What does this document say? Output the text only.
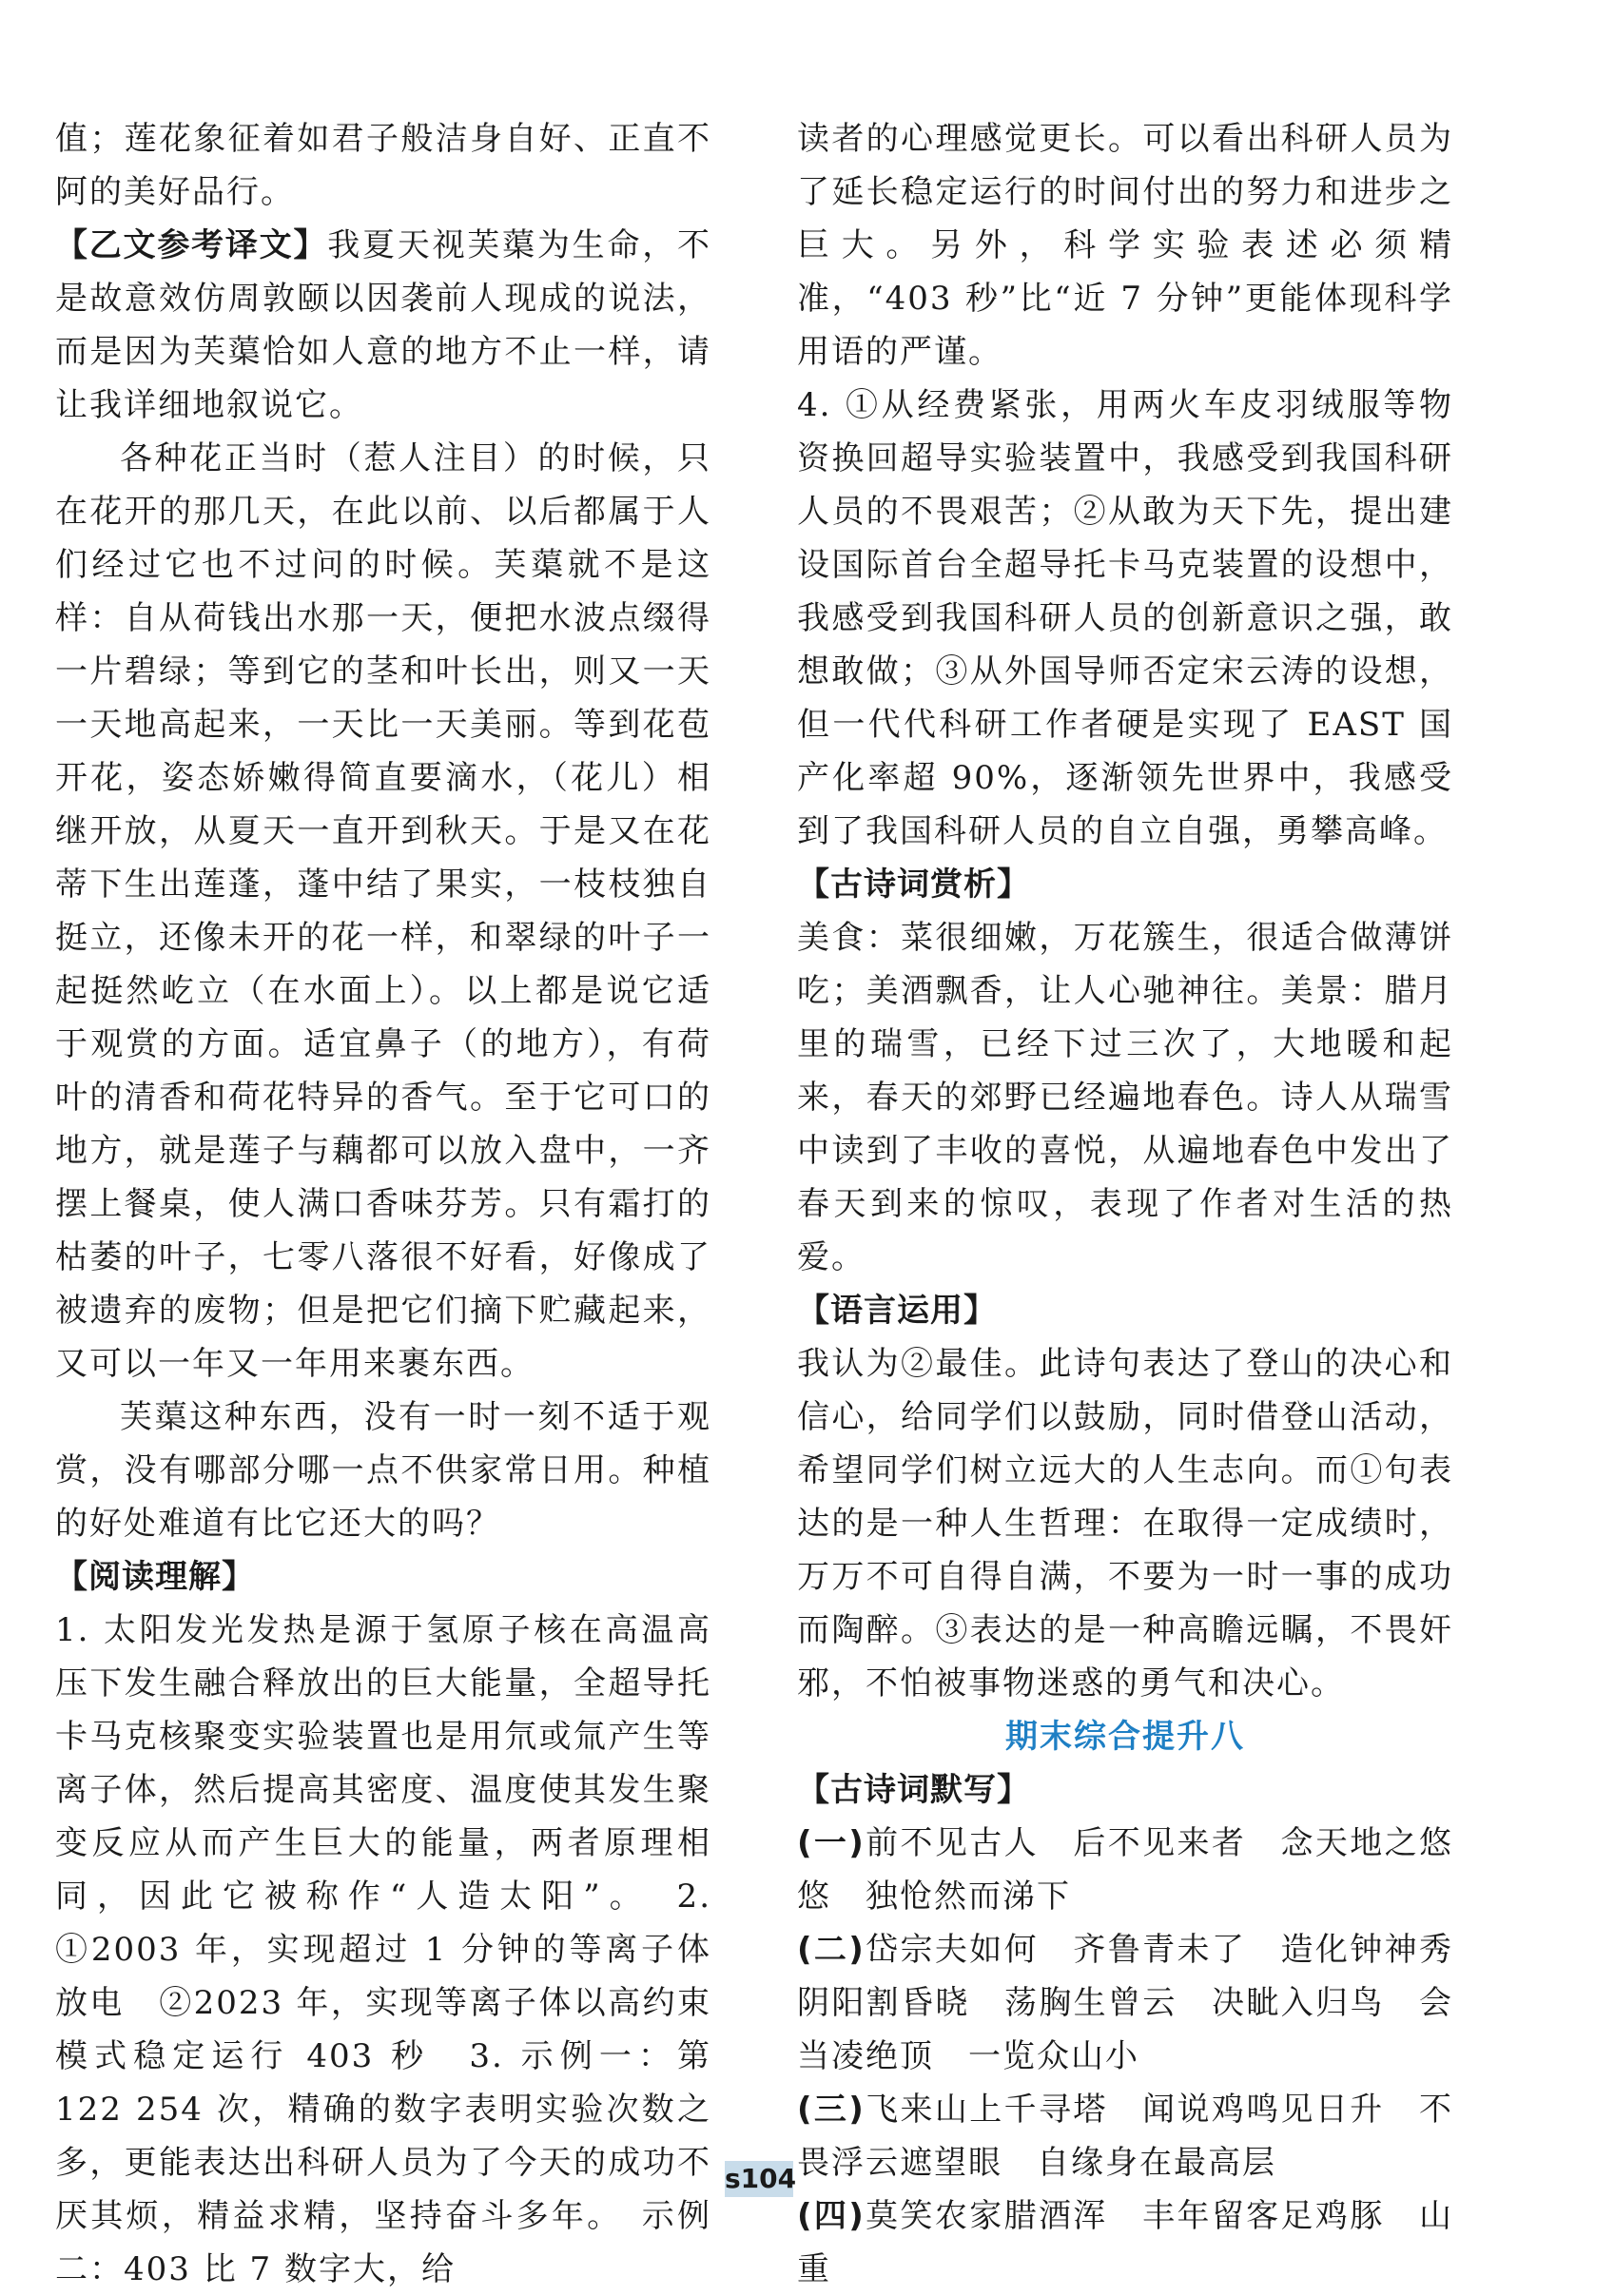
值；莲花象征着如君子般洁身自好、正直不阿的美好品行。

【乙文参考译文】我夏天视芙蕖为生命，不是故意效仿周敦颐以因袭前人现成的说法，而是因为芙蕖恰如人意的地方不止一样，请让我详细地叙说它。

各种花正当时（惹人注目）的时候，只在花开的那几天，在此以前、以后都属于人们经过它也不过问的时候。芙蕖就不是这样：自从荷钱出水那一天，便把水波点缀得一片碧绿；等到它的茎和叶长出，则又一天一天地高起来，一天比一天美丽。等到花苞开花，姿态娇嫩得简直要滴水，（花儿）相继开放，从夏天一直开到秋天。于是又在花蒂下生出莲蓬，蓬中结了果实，一枝枝独自挺立，还像未开的花一样，和翠绿的叶子一起挺然屹立（在水面上）。以上都是说它适于观赏的方面。适宜鼻子（的地方），有荷叶的清香和荷花特异的香气。至于它可口的地方，就是莲子与藕都可以放入盘中，一齐摆上餐桌，使人满口香味芬芳。只有霜打的枯萎的叶子，七零八落很不好看，好像成了被遗弃的废物；但是把它们摘下贮藏起来，又可以一年又一年用来裹东西。

芙蕖这种东西，没有一时一刻不适于观赏，没有哪部分哪一点不供家常日用。种植的好处难道有比它还大的吗？

【阅读理解】

1. 太阳发光发热是源于氢原子核在高温高压下发生融合释放出的巨大能量，全超导托卡马克核聚变实验装置也是用氘或氚产生等离子体，然后提高其密度、温度使其发生聚变反应从而产生巨大的能量，两者原理相同，因此它被称作“人造太阳”。　2. ①2003 年，实现超过 1 分钟的等离子体放电　②2023 年，实现等离子体以高约束模式稳定运行 403 秒　3. 示例一：第 122 254 次，精确的数字表明实验次数之多，更能表达出科研人员为了今天的成功不厌其烦，精益求精，坚持奋斗多年。　示例二：403 比 7 数字大，给

读者的心理感觉更长。可以看出科研人员为了延长稳定运行的时间付出的努力和进步之巨大。另外，科学实验表述必须精准，“403 秒”比“近 7 分钟”更能体现科学用语的严谨。

4. ①从经费紧张，用两火车皮羽绒服等物资换回超导实验装置中，我感受到我国科研人员的不畏艰苦；②从敢为天下先，提出建设国际首台全超导托卡马克装置的设想中，我感受到我国科研人员的创新意识之强，敢想敢做；③从外国导师否定宋云涛的设想，但一代代科研工作者硬是实现了 EAST 国产化率超 90%，逐渐领先世界中，我感受到了我国科研人员的自立自强，勇攀高峰。

【古诗词赏析】

美食：菜很细嫩，万花簇生，很适合做薄饼吃；美酒飘香，让人心驰神往。美景：腊月里的瑞雪，已经下过三次了，大地暖和起来，春天的郊野已经遍地春色。诗人从瑞雪中读到了丰收的喜悦，从遍地春色中发出了春天到来的惊叹，表现了作者对生活的热爱。

【语言运用】

我认为②最佳。此诗句表达了登山的决心和信心，给同学们以鼓励，同时借登山活动，希望同学们树立远大的人生志向。而①句表达的是一种人生哲理：在取得一定成绩时，万万不可自得自满，不要为一时一事的成功而陶醉。③表达的是一种高瞻远瞩，不畏奸邪，不怕被事物迷惑的勇气和决心。

期末综合提升八

【古诗词默写】

(一)前不见古人　后不见来者　念天地之悠悠　独怆然而涕下

(二)岱宗夫如何　齐鲁青未了　造化钟神秀　阴阳割昏晓　荡胸生曾云　决眦入归鸟　会当凌绝顶　一览众山小

(三)飞来山上千寻塔　闻说鸡鸣见日升　不畏浮云遮望眼　自缘身在最高层

(四)莫笑农家腊酒浑　丰年留客足鸡豚　山重

s104
